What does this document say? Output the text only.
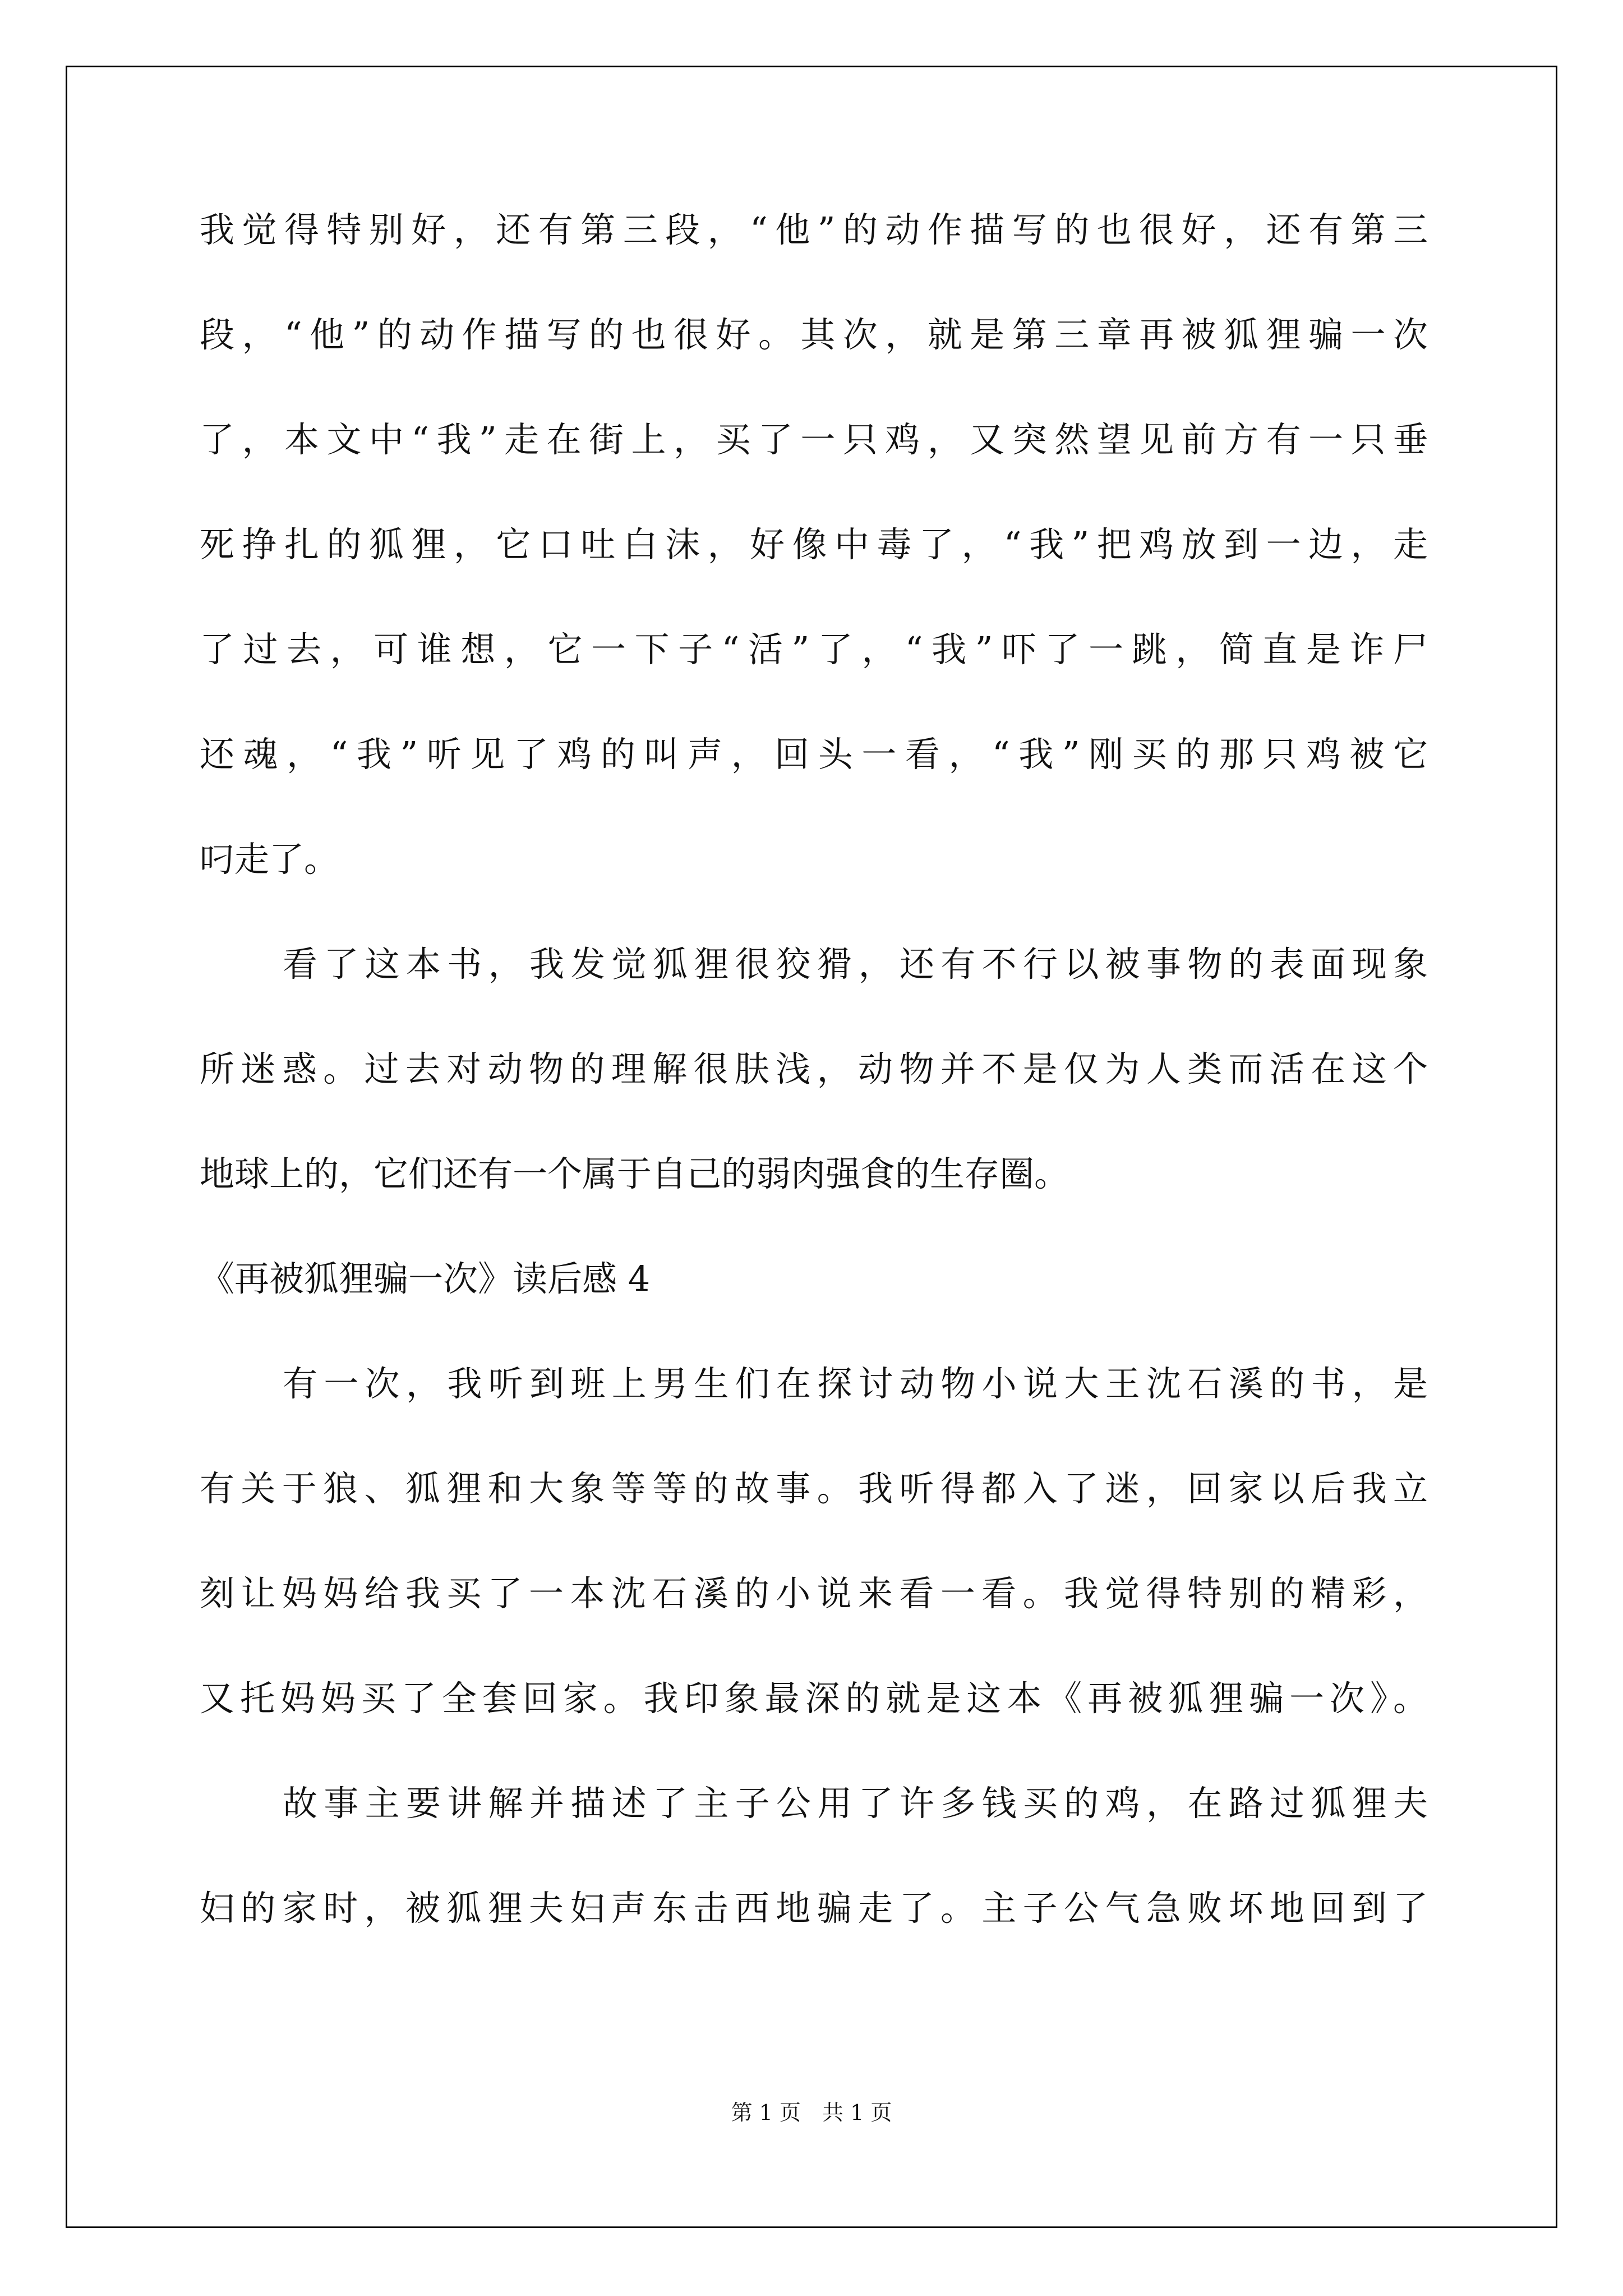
我觉得特别好，还有第三段，“他”的动作描写的也很好，还有第三
段，“他”的动作描写的也很好。其次，就是第三章再被狐狸骗一次
了，本文中“我”走在街上，买了一只鸡，又突然望见前方有一只垂
死挣扎的狐狸，它口吐白沫，好像中毒了，“我”把鸡放到一边，走
了过去，可谁想，它一下子“活”了，“我”吓了一跳，简直是诈尸
还魂，“我”听见了鸡的叫声，回头一看，“我”刚买的那只鸡被它
叼走了。
看了这本书，我发觉狐狸很狡猾，还有不行以被事物的表面现象
所迷惑。过去对动物的理解很肤浅，动物并不是仅为人类而活在这个
地球上的，它们还有一个属于自己的弱肉强食的生存圈。
《再被狐狸骗一次》读后感 4
有一次，我听到班上男生们在探讨动物小说大王沈石溪的书，是
有关于狼、狐狸和大象等等的故事。我听得都入了迷，回家以后我立
刻让妈妈给我买了一本沈石溪的小说来看一看。我觉得特别的精彩，
又托妈妈买了全套回家。我印象最深的就是这本《再被狐狸骗一次》。
故事主要讲解并描述了主子公用了许多钱买的鸡，在路过狐狸夫
妇的家时，被狐狸夫妇声东击西地骗走了。主子公气急败坏地回到了
第 1 页　共 1 页
